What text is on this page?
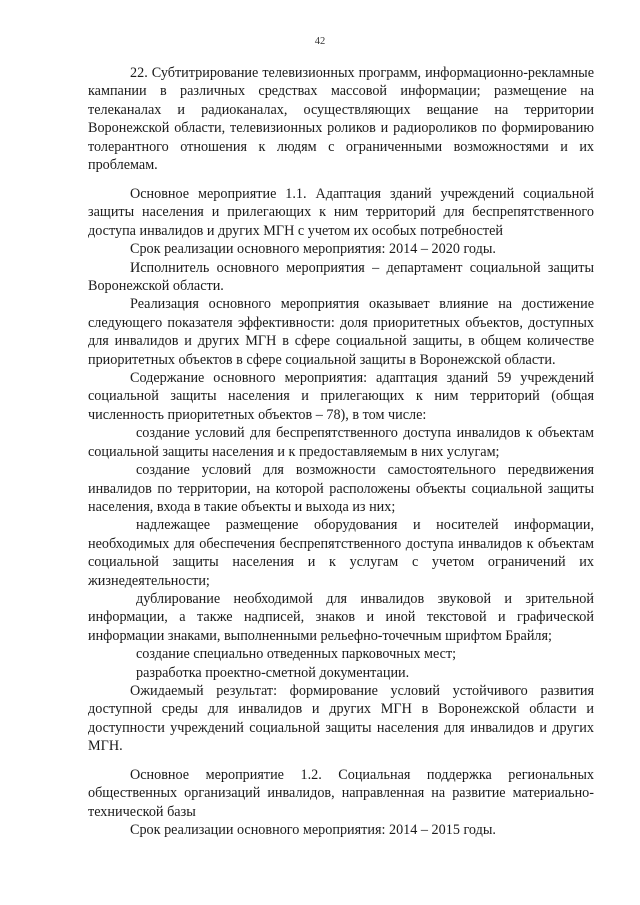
42

22. Субтитрирование телевизионных программ, информационно-рекламные кампании в различных средствах массовой информации; размещение на телеканалах и радиоканалах, осуществляющих вещание на территории Воронежской области, телевизионных роликов и радиороликов по формированию толерантного отношения к людям с ограниченными возможностями и их проблемам.

Основное мероприятие 1.1. Адаптация зданий учреждений социальной защиты населения и прилегающих к ним территорий для беспрепятственного доступа инвалидов и других МГН с учетом их особых потребностей

Срок реализации основного мероприятия: 2014 – 2020 годы.

Исполнитель основного мероприятия – департамент социальной защиты Воронежской области.

Реализация основного мероприятия оказывает влияние на достижение следующего показателя эффективности: доля приоритетных объектов, доступных для инвалидов и других МГН в сфере социальной защиты, в общем количестве приоритетных объектов в сфере социальной защиты в Воронежской области.

Содержание основного мероприятия: адаптация зданий 59 учреждений социальной защиты населения и прилегающих к ним территорий (общая численность приоритетных объектов – 78), в том числе:

создание условий для беспрепятственного доступа инвалидов к объектам социальной защиты населения и к предоставляемым в них услугам;

создание условий для возможности самостоятельного передвижения инвалидов по территории, на которой расположены объекты социальной защиты населения, входа в такие объекты и выхода из них;

надлежащее размещение оборудования и носителей информации, необходимых для обеспечения беспрепятственного доступа инвалидов к объектам социальной защиты населения и к услугам с учетом ограничений их жизнедеятельности;

дублирование необходимой для инвалидов звуковой и зрительной информации, а также надписей, знаков и иной текстовой и графической информации знаками, выполненными рельефно-точечным шрифтом Брайля;

создание специально отведенных парковочных мест;

разработка проектно-сметной документации.

Ожидаемый результат: формирование условий устойчивого развития доступной среды для инвалидов и других МГН в Воронежской области и доступности учреждений социальной защиты населения для инвалидов и других МГН.

Основное мероприятие 1.2. Социальная поддержка региональных общественных организаций инвалидов, направленная на развитие материально-технической базы

Срок реализации основного мероприятия: 2014 – 2015 годы.
